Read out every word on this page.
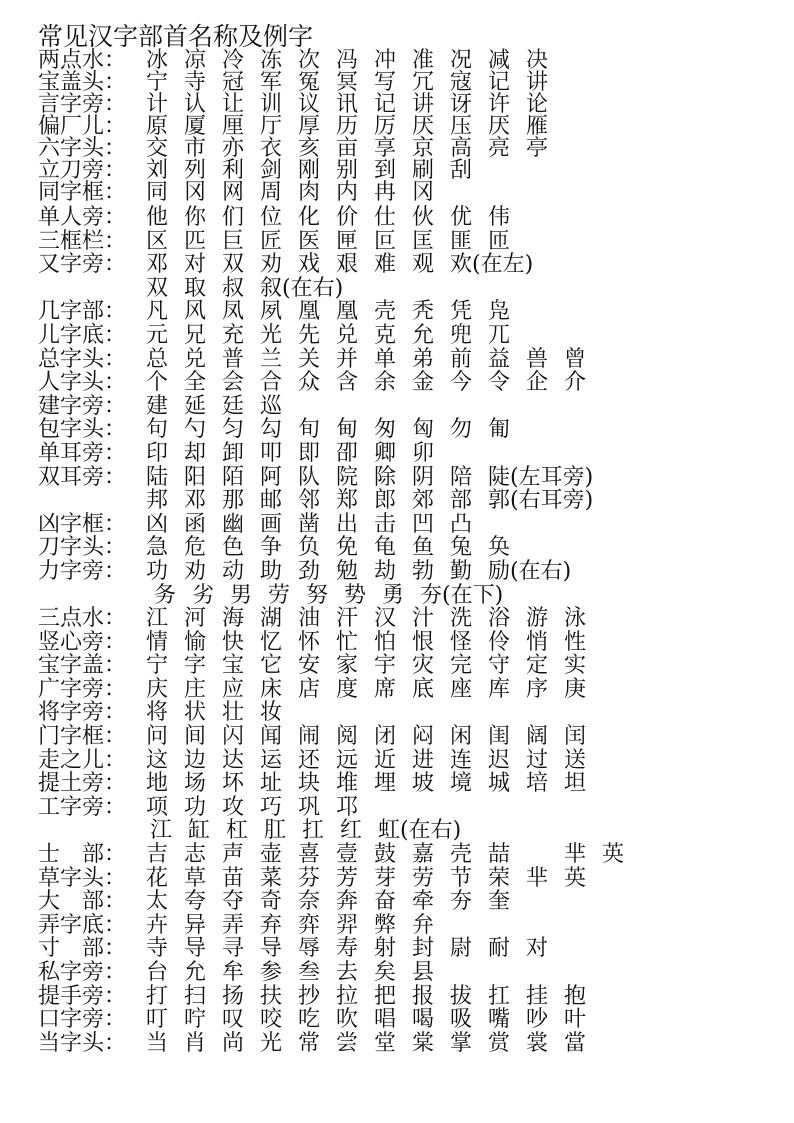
常见汉字部首名称及例字
两点水： 冰 凉 冷 冻 次 冯 冲 准 况 减 决
宝盖头： 宁 寺 冠 军 冤 冥 写 冗 寇 记 讲
言字旁： 计 认 让 训 议 讯 记 讲 讶 许 论
偏厂儿： 原 厦 厘 厅 厚 历 厉 厌 压 厌 雁
六字头： 交 市 亦 衣 亥 亩 享 京 高 亮 亭
立刀旁： 刘 列 利 剑 刚 别 到 刷 刮
同字框： 同 冈 网 周 肉 内 冉 冈
单人旁： 他 你 们 位 化 价 仕 伙 优 伟
三框栏： 区 匹 巨 匠 医 匣 叵 匡 匪 匝
又字旁： 邓 对 双 劝 戏 艰 难 观 欢 (在左)
双 取 叔 叙 (在右)
几字部： 凡 风 凤 夙 凰 凰 壳 秃 凭 凫
儿字底： 元 兄 充 光 先 兑 克 允 兜 兀
总字头： 总 兑 普 兰 关 并 单 弟 前 益 兽 曾
人字头： 个 全 会 合 众 含 余 金 今 令 企 介
建字旁： 建 延 廷 巡
包字头： 句 勺 匀 勾 旬 甸 匆 匈 勿 匍
单耳旁： 印 却 卸 叩 即 卲 卿 卯
双耳旁： 陆 阳 陌 阿 队 院 除 阴 陪 陡 (左耳旁)
邦 邓 那 邮 邻 郑 郎 郊 部 郭 (右耳旁)
凶字框： 凶 函 幽 画 凿 出 击 凹 凸
刀字头： 急 危 色 争 负 免 龟 鱼 兔 奂
力字旁： 功 劝 动 助 劲 勉 劫 勃 勤 励 (在右)
务 劣 男 劳 努 势 勇 夯 (在下)
三点水： 江 河 海 湖 油 汗 汉 汁 洗 浴 游 泳
竖心旁： 情 愉 快 忆 怀 忙 怕 恨 怪 伶 悄 性
宝字盖： 宁 字 宝 它 安 家 宇 灾 完 守 定 实
广字旁： 庆 庄 应 床 店 度 席 底 座 库 序 庚
将字旁： 将 状 壮 妆
门字框： 问 间 闪 闻 闹 阅 闭 闷 闲 闺 阔 闰
走之儿： 这 边 达 运 还 远 近 进 连 迟 过 送
提土旁： 地 场 坏 址 块 堆 埋 坡 境 城 培 坦
工字旁： 项 功 攻 巧 巩 邛
江 缸 杠 肛 扛 红 虹 (在右)
士　部： 吉 志 声 壶 喜 壹 鼓 嘉 壳 喆 芈 英
草字头： 花 草 苗 菜 芬 芳 芽 劳 节 荣 芈 英
大　部： 太 夸 夺 奇 奈 奔 奋 牵 夯 奎
弄字底： 卉 异 弄 弃 弈 羿 弊 弁
寸　部： 寺 导 寻 导 辱 寿 射 封 尉 耐 对
私字旁： 台 允 牟 参 叁 去 矣 县
提手旁： 打 扫 扬 扶 抄 拉 把 报 拔 扛 挂 抱
口字旁： 叮 咛 叹 咬 吃 吹 唱 喝 吸 嘴 吵 叶
当字头： 当 肖 尚 光 常 尝 堂 棠 掌 赏 裳 當
